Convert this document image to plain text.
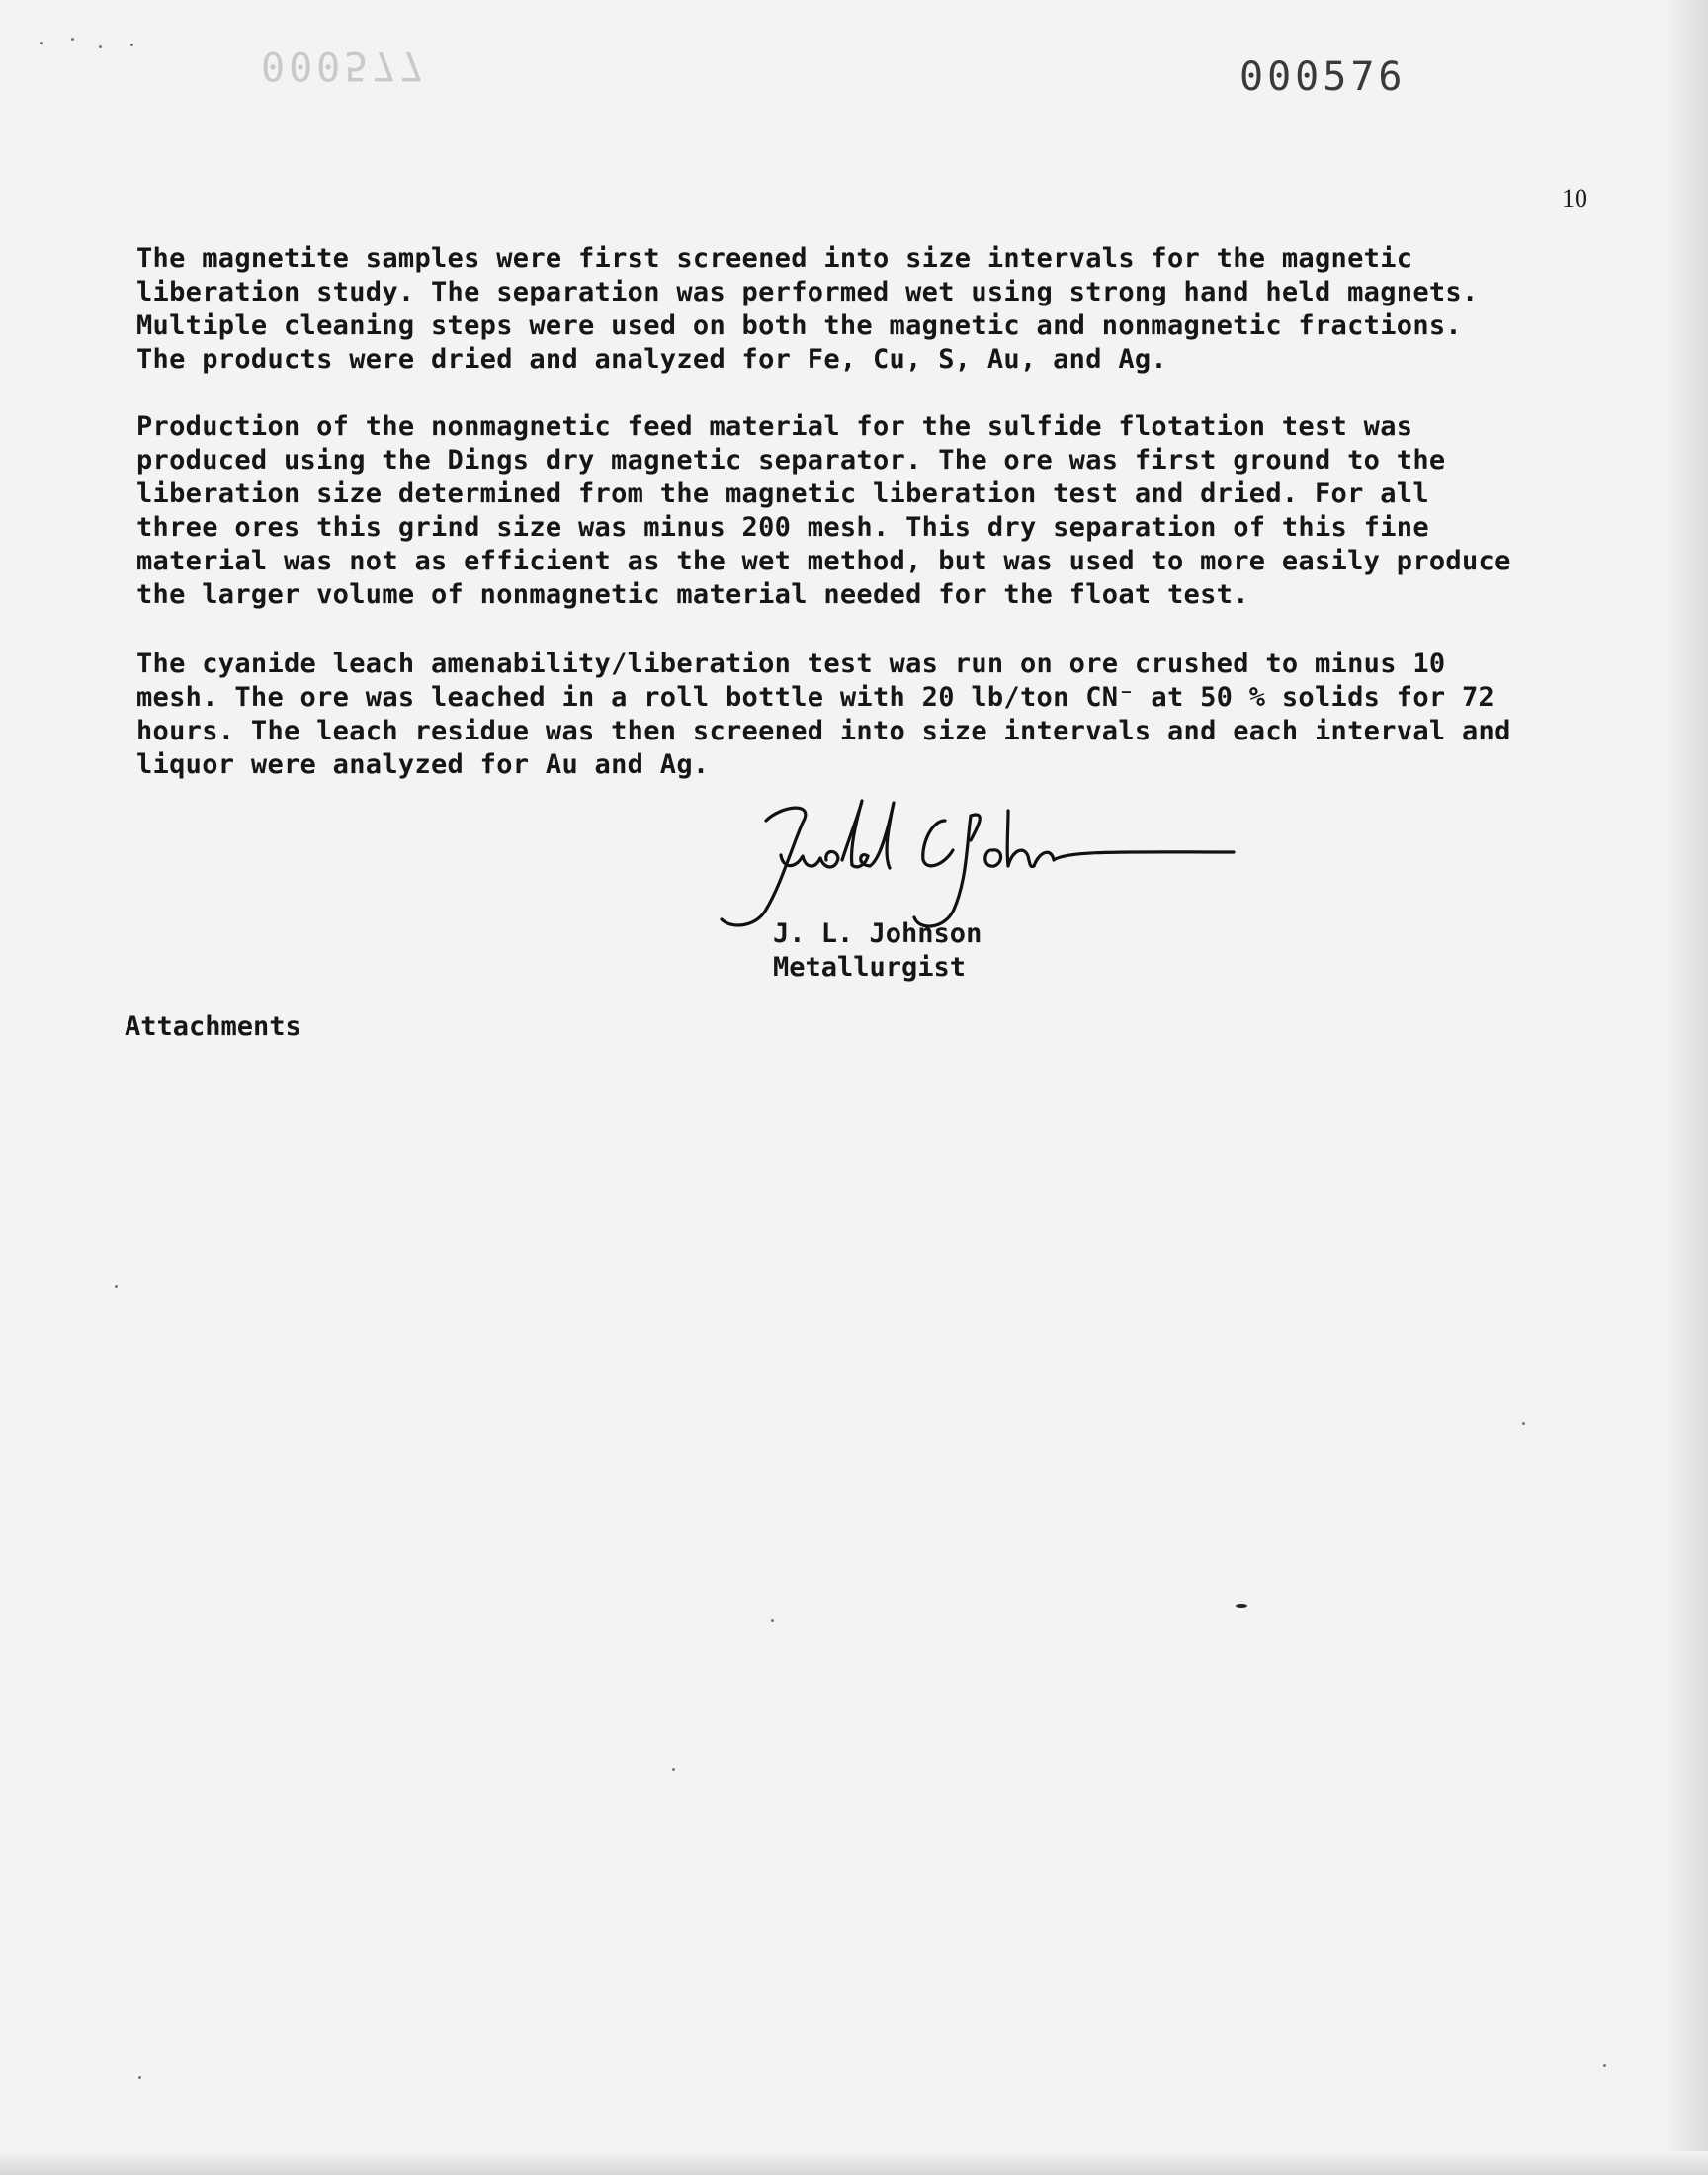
000577	000576
10

The magnetite samples were first screened into size intervals for the magnetic
liberation study. The separation was performed wet using strong hand held magnets.
Multiple cleaning steps were used on both the magnetic and nonmagnetic fractions.
The products were dried and analyzed for Fe, Cu, S, Au, and Ag.

Production of the nonmagnetic feed material for the sulfide flotation test was
produced using the Dings dry magnetic separator. The ore was first ground to the
liberation size determined from the magnetic liberation test and dried. For all
three ores this grind size was minus 200 mesh. This dry separation of this fine
material was not as efficient as the wet method, but was used to more easily produce
the larger volume of nonmagnetic material needed for the float test.

The cyanide leach amenability/liberation test was run on ore crushed to minus 10
mesh. The ore was leached in a roll bottle with 20 lb/ton CN⁻ at 50 % solids for 72
hours. The leach residue was then screened into size intervals and each interval and
liquor were analyzed for Au and Ag.

J. L. Johnson
Metallurgist
Attachments
